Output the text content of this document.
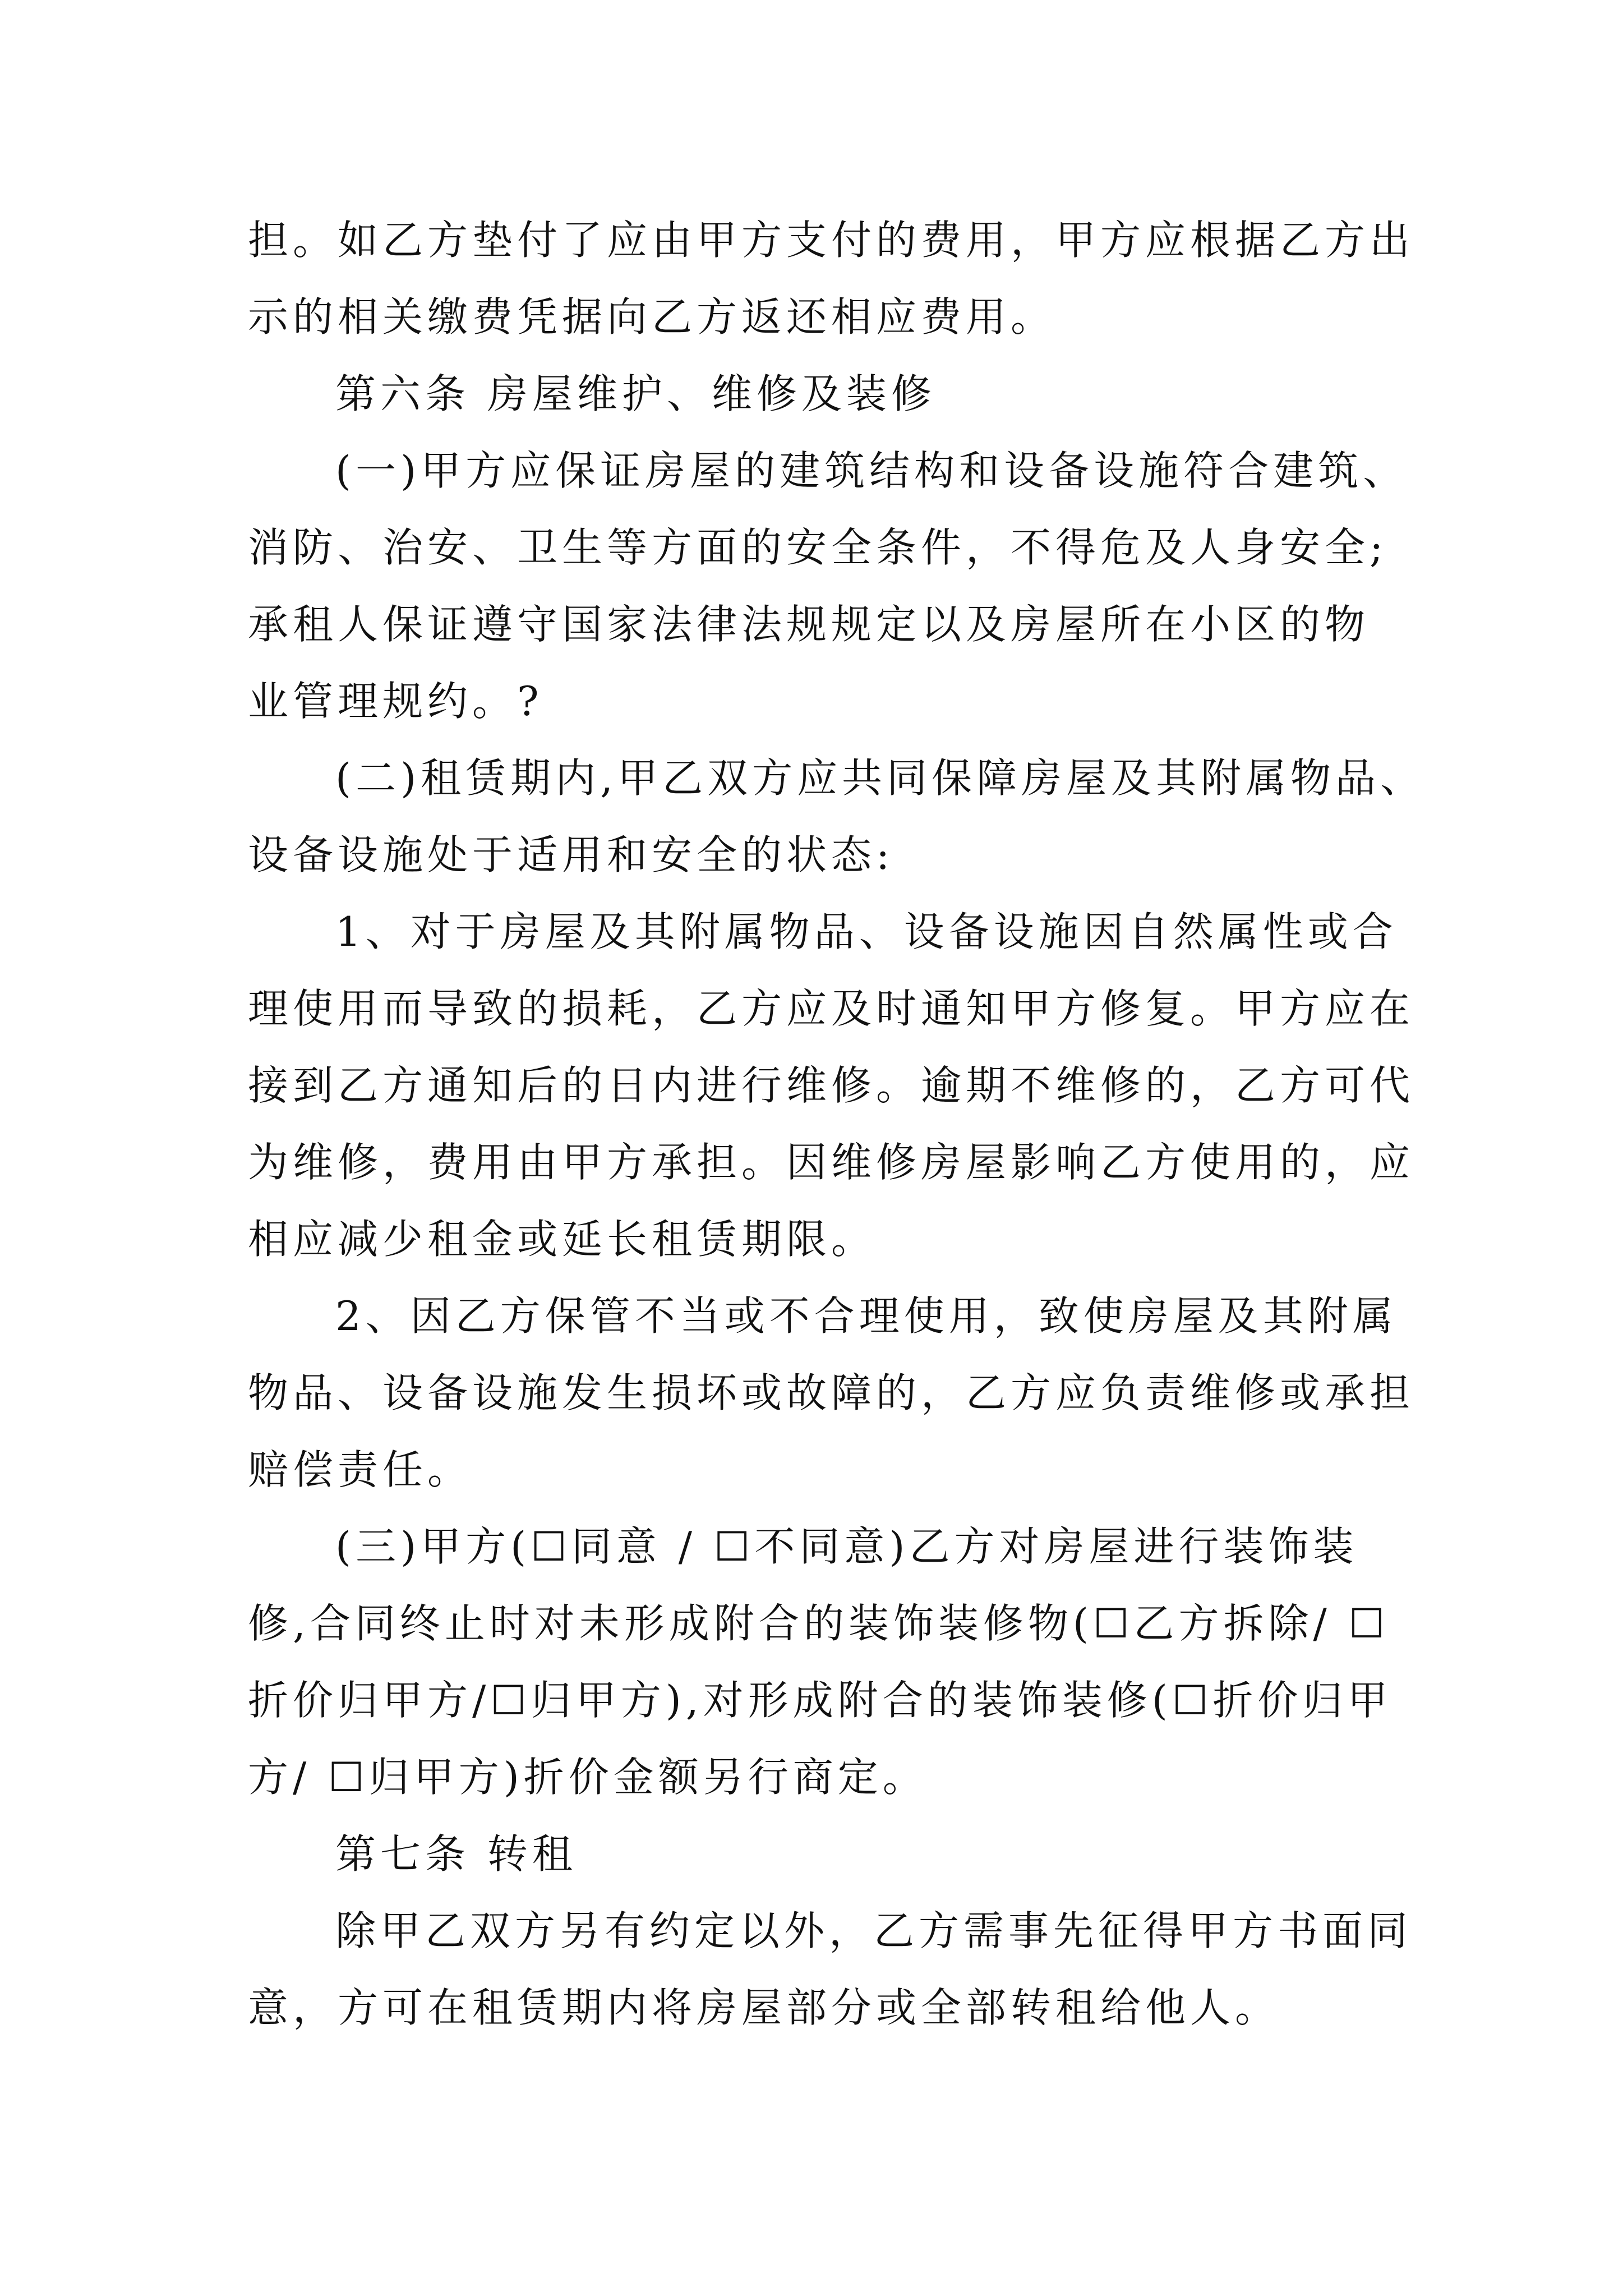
担。如乙方垫付了应由甲方支付的费用，甲方应根据乙方出
示的相关缴费凭据向乙方返还相应费用。
第六条 房屋维护、维修及装修
(一)甲方应保证房屋的建筑结构和设备设施符合建筑、
消防、治安、卫生等方面的安全条件，不得危及人身安全;
承租人保证遵守国家法律法规规定以及房屋所在小区的物
业管理规约。?
(二)租赁期内,甲乙双方应共同保障房屋及其附属物品、
设备设施处于适用和安全的状态:
1、对于房屋及其附属物品、设备设施因自然属性或合
理使用而导致的损耗，乙方应及时通知甲方修复。甲方应在
接到乙方通知后的日内进行维修。逾期不维修的，乙方可代
为维修，费用由甲方承担。因维修房屋影响乙方使用的，应
相应减少租金或延长租赁期限。
2、因乙方保管不当或不合理使用，致使房屋及其附属
物品、设备设施发生损坏或故障的，乙方应负责维修或承担
赔偿责任。
(三)甲方(☐同意 / ☐不同意)乙方对房屋进行装饰装
修,合同终止时对未形成附合的装饰装修物(☐乙方拆除/ ☐
折价归甲方/☐归甲方),对形成附合的装饰装修(☐折价归甲
方/ ☐归甲方)折价金额另行商定。
第七条 转租
除甲乙双方另有约定以外，乙方需事先征得甲方书面同
意，方可在租赁期内将房屋部分或全部转租给他人。
